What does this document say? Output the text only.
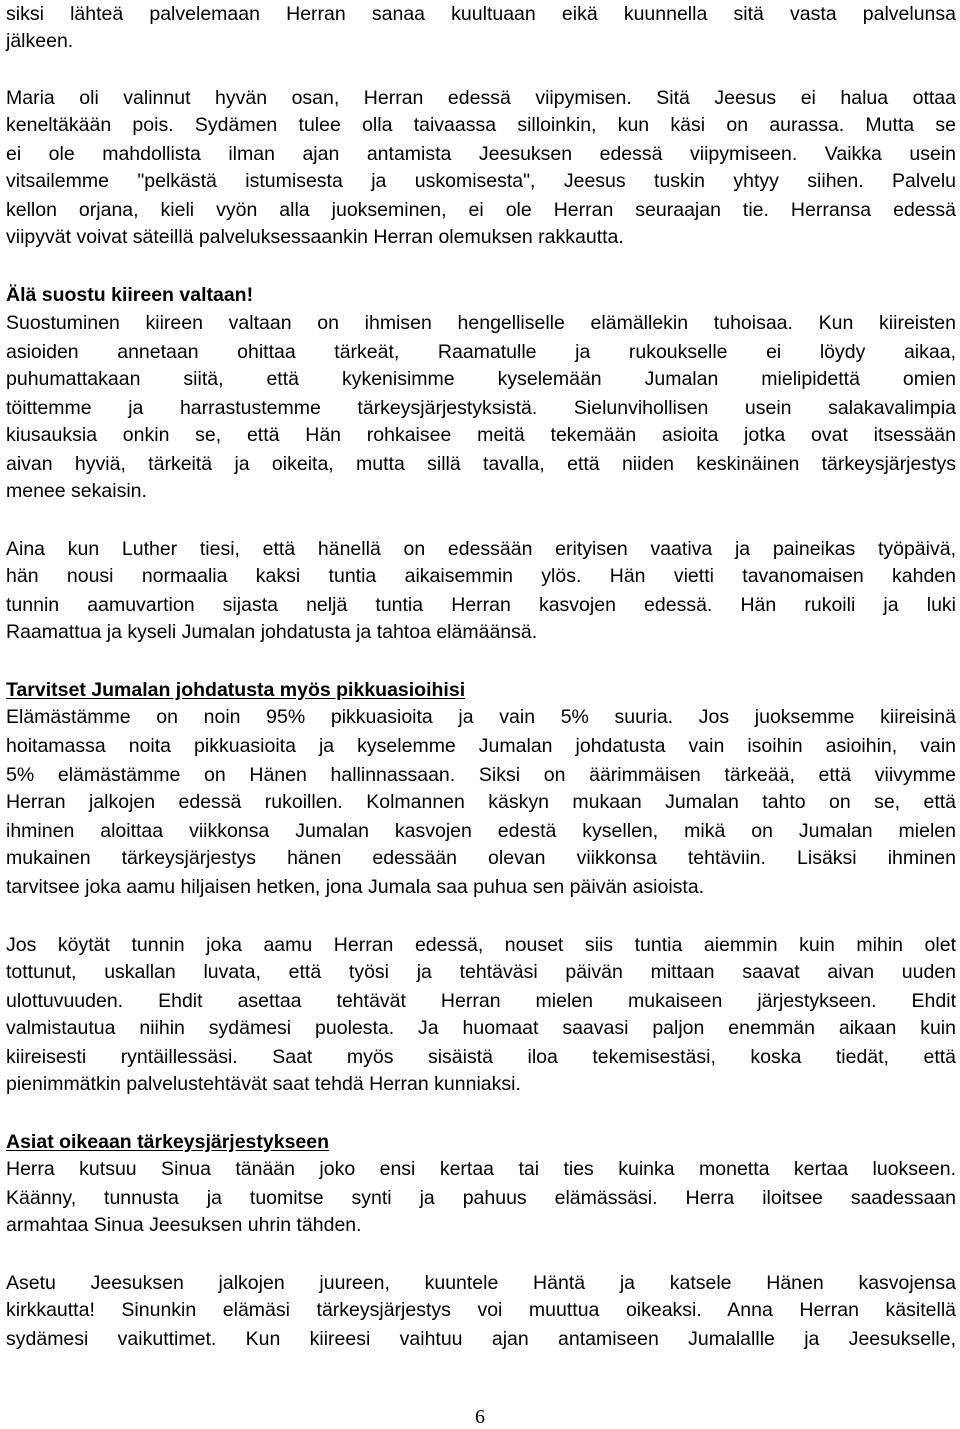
siksi lähteä palvelemaan Herran sanaa kuultuaan eikä kuunnella sitä vasta palvelunsa
jälkeen.
Maria oli valinnut hyvän osan, Herran edessä viipymisen. Sitä Jeesus ei halua ottaa
keneltäkään pois. Sydämen tulee olla taivaassa silloinkin, kun käsi on aurassa. Mutta se
ei ole mahdollista ilman ajan antamista Jeesuksen edessä viipymiseen. Vaikka usein
vitsailemme "pelkästä istumisesta ja uskomisesta", Jeesus tuskin yhtyy siihen. Palvelu
kellon orjana, kieli vyön alla juokseminen, ei ole Herran seuraajan tie. Herransa edessä
viipyvät voivat säteillä palveluksessaankin Herran olemuksen rakkautta.
Älä suostu kiireen valtaan!
Suostuminen kiireen valtaan on ihmisen hengelliselle elämällekin tuhoisaa. Kun kiireisten
asioiden annetaan ohittaa tärkeät, Raamatulle ja rukoukselle ei löydy aikaa,
puhumattakaan siitä, että kykenisimme kyselemään Jumalan mielipidettä omien
töittemme ja harrastustemme tärkeysjärjestyksistä. Sielunvihollisen usein salakavalimpia
kiusauksia onkin se, että Hän rohkaisee meitä tekemään asioita jotka ovat itsessään
aivan hyviä, tärkeitä ja oikeita, mutta sillä tavalla, että niiden keskinäinen tärkeysjärjestys
menee sekaisin.
Aina kun Luther tiesi, että hänellä on edessään erityisen vaativa ja paineikas työpäivä,
hän nousi normaalia kaksi tuntia aikaisemmin ylös. Hän vietti tavanomaisen kahden
tunnin aamuvartion sijasta neljä tuntia Herran kasvojen edessä. Hän rukoili ja luki
Raamattua ja kyseli Jumalan johdatusta ja tahtoa elämäänsä.
Tarvitset Jumalan johdatusta myös pikkuasioihisi
Elämästämme on noin 95% pikkuasioita ja vain 5% suuria. Jos juoksemme kiireisinä
hoitamassa noita pikkuasioita ja kyselemme Jumalan johdatusta vain isoihin asioihin, vain
5% elämästämme on Hänen hallinnassaan. Siksi on äärimmäisen tärkeää, että viivymme
Herran jalkojen edessä rukoillen. Kolmannen käskyn mukaan Jumalan tahto on se, että
ihminen aloittaa viikkonsa Jumalan kasvojen edestä kysellen, mikä on Jumalan mielen
mukainen tärkeysjärjestys hänen edessään olevan viikkonsa tehtäviin. Lisäksi ihminen
tarvitsee joka aamu hiljaisen hetken, jona Jumala saa puhua sen päivän asioista.
Jos köytät tunnin joka aamu Herran edessä, nouset siis tuntia aiemmin kuin mihin olet
tottunut, uskallan luvata, että työsi ja tehtäväsi päivän mittaan saavat aivan uuden
ulottuvuuden. Ehdit asettaa tehtävät Herran mielen mukaiseen järjestykseen. Ehdit
valmistautua niihin sydämesi puolesta. Ja huomaat saavasi paljon enemmän aikaan kuin
kiireisesti ryntäillessäsi. Saat myös sisäistä iloa tekemisestäsi, koska tiedät, että
pienimmätkin palvelustehtävät saat tehdä Herran kunniaksi.
Asiat oikeaan tärkeysjärjestykseen
Herra kutsuu Sinua tänään joko ensi kertaa tai ties kuinka monetta kertaa luokseen.
Käänny, tunnusta ja tuomitse synti ja pahuus elämässäsi. Herra iloitsee saadessaan
armahtaa Sinua Jeesuksen uhrin tähden.
Asetu Jeesuksen jalkojen juureen, kuuntele Häntä ja katsele Hänen kasvojensa
kirkkautta! Sinunkin elämäsi tärkeysjärjestys voi muuttua oikeaksi. Anna Herran käsitellä
sydämesi vaikuttimet. Kun kiireesi vaihtuu ajan antamiseen Jumalallle ja Jeesukselle,
6
